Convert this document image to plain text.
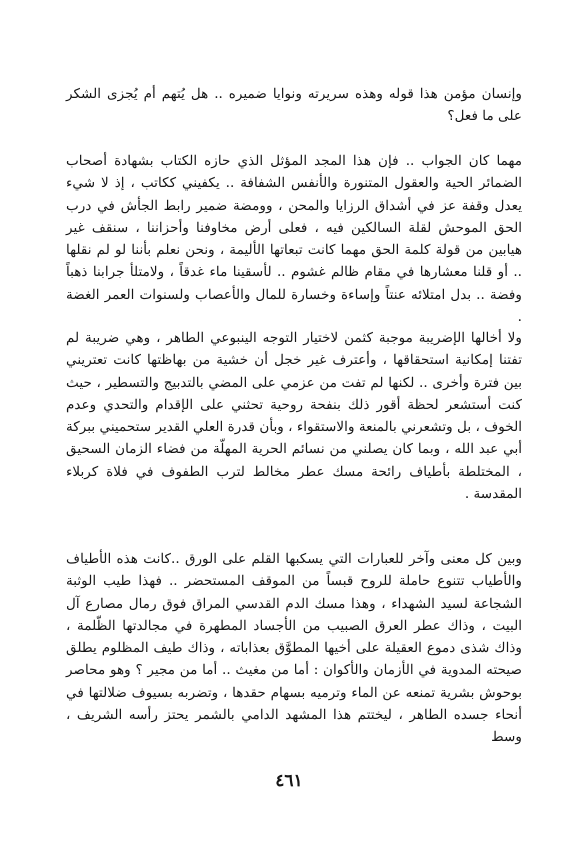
وإنسان مؤمن هذا قوله وهذه سريرته ونوايا ضميره .. هل يُتهم أم يُجزى الشكر على ما فعل؟

مهما كان الجواب .. فإن هذا المجد المؤثل الذي حازه الكتاب بشهادة أصحاب الضمائر الحية والعقول المتنورة والأنفس الشفافة .. يكفيني ككاتب ، إذ لا شيء يعدل وقفة عز في أشداق الرزايا والمحن ، وومضة ضمير رابط الجأش في درب الحق الموحش لقلة السالكين فيه ، فعلى أرض مخاوفنا وأحزاننا ، سنقف غير هيابين من قولة كلمة الحق مهما كانت تبعاتها الأليمة ، ونحن نعلم بأننا لو لم نقلها .. أو قلنا معشارها في مقام ظالم غشوم .. لأسقينا ماء غدقاً ، ولامتلأ جرابنا ذهباً وفضة .. بدل امتلائه عنتاً وإساءة وخسارة للمال والأعصاب ولسنوات العمر الغضة .

ولا أخالها الإضريبة موجبة كثمن لاختيار التوجه الينبوعي الطاهر ، وهي ضريبة لم تفتنا إمكانية استحقاقها ، وأعترف غير خجل أن خشية من بهاظتها كانت تعتريني بين فترة وأخرى .. لكنها لم تفت من عزمي على المضي بالتدبيج والتسطير ، حيث كنت أستشعر لحظة أقور ذلك بنفحة روحية تحثني على الإقدام والتحدي وعدم الخوف ، بل وتشعرني بالمنعة والاستقواء ، وبأن قدرة العلي القدير ستحميني ببركة أبي عبد الله ، وبما كان يصلني من نسائم الحرية المهلّة من فضاء الزمان السحيق ، المختلطة بأطياف رائحة مسك عطر مخالط لترب الطفوف في فلاة كربلاء المقدسة .

وبين كل معنى وآخر للعبارات التي يسكبها القلم على الورق ..كانت هذه الأطياف والأطياب تتنوع حاملة للروح قبساً من الموقف المستحضر .. فهذا طيب الوثبة الشجاعة لسيد الشهداء ، وهذا مسك الدم القدسي المراق فوق رمال مصارع آل البيت ، وذاك عطر العرق الصبيب من الأجساد المطهرة في مجالدتها الظّلمة ، وذاك شذى دموع العقيلة على أخيها المطوَّق بعذاباته ، وذاك طيف المظلوم يطلق صيحته المدوية في الأزمان والأكوان : أما من مغيث .. أما من مجير ؟ وهو محاصر بوحوش بشرية تمنعه عن الماء وترميه بسهام حقدها ، وتضربه بسيوف ضلالتها في أنحاء جسده الطاهر ، ليختتم هذا المشهد الدامي بالشمر يحتز رأسه الشريف ، وسط

٤٦١
